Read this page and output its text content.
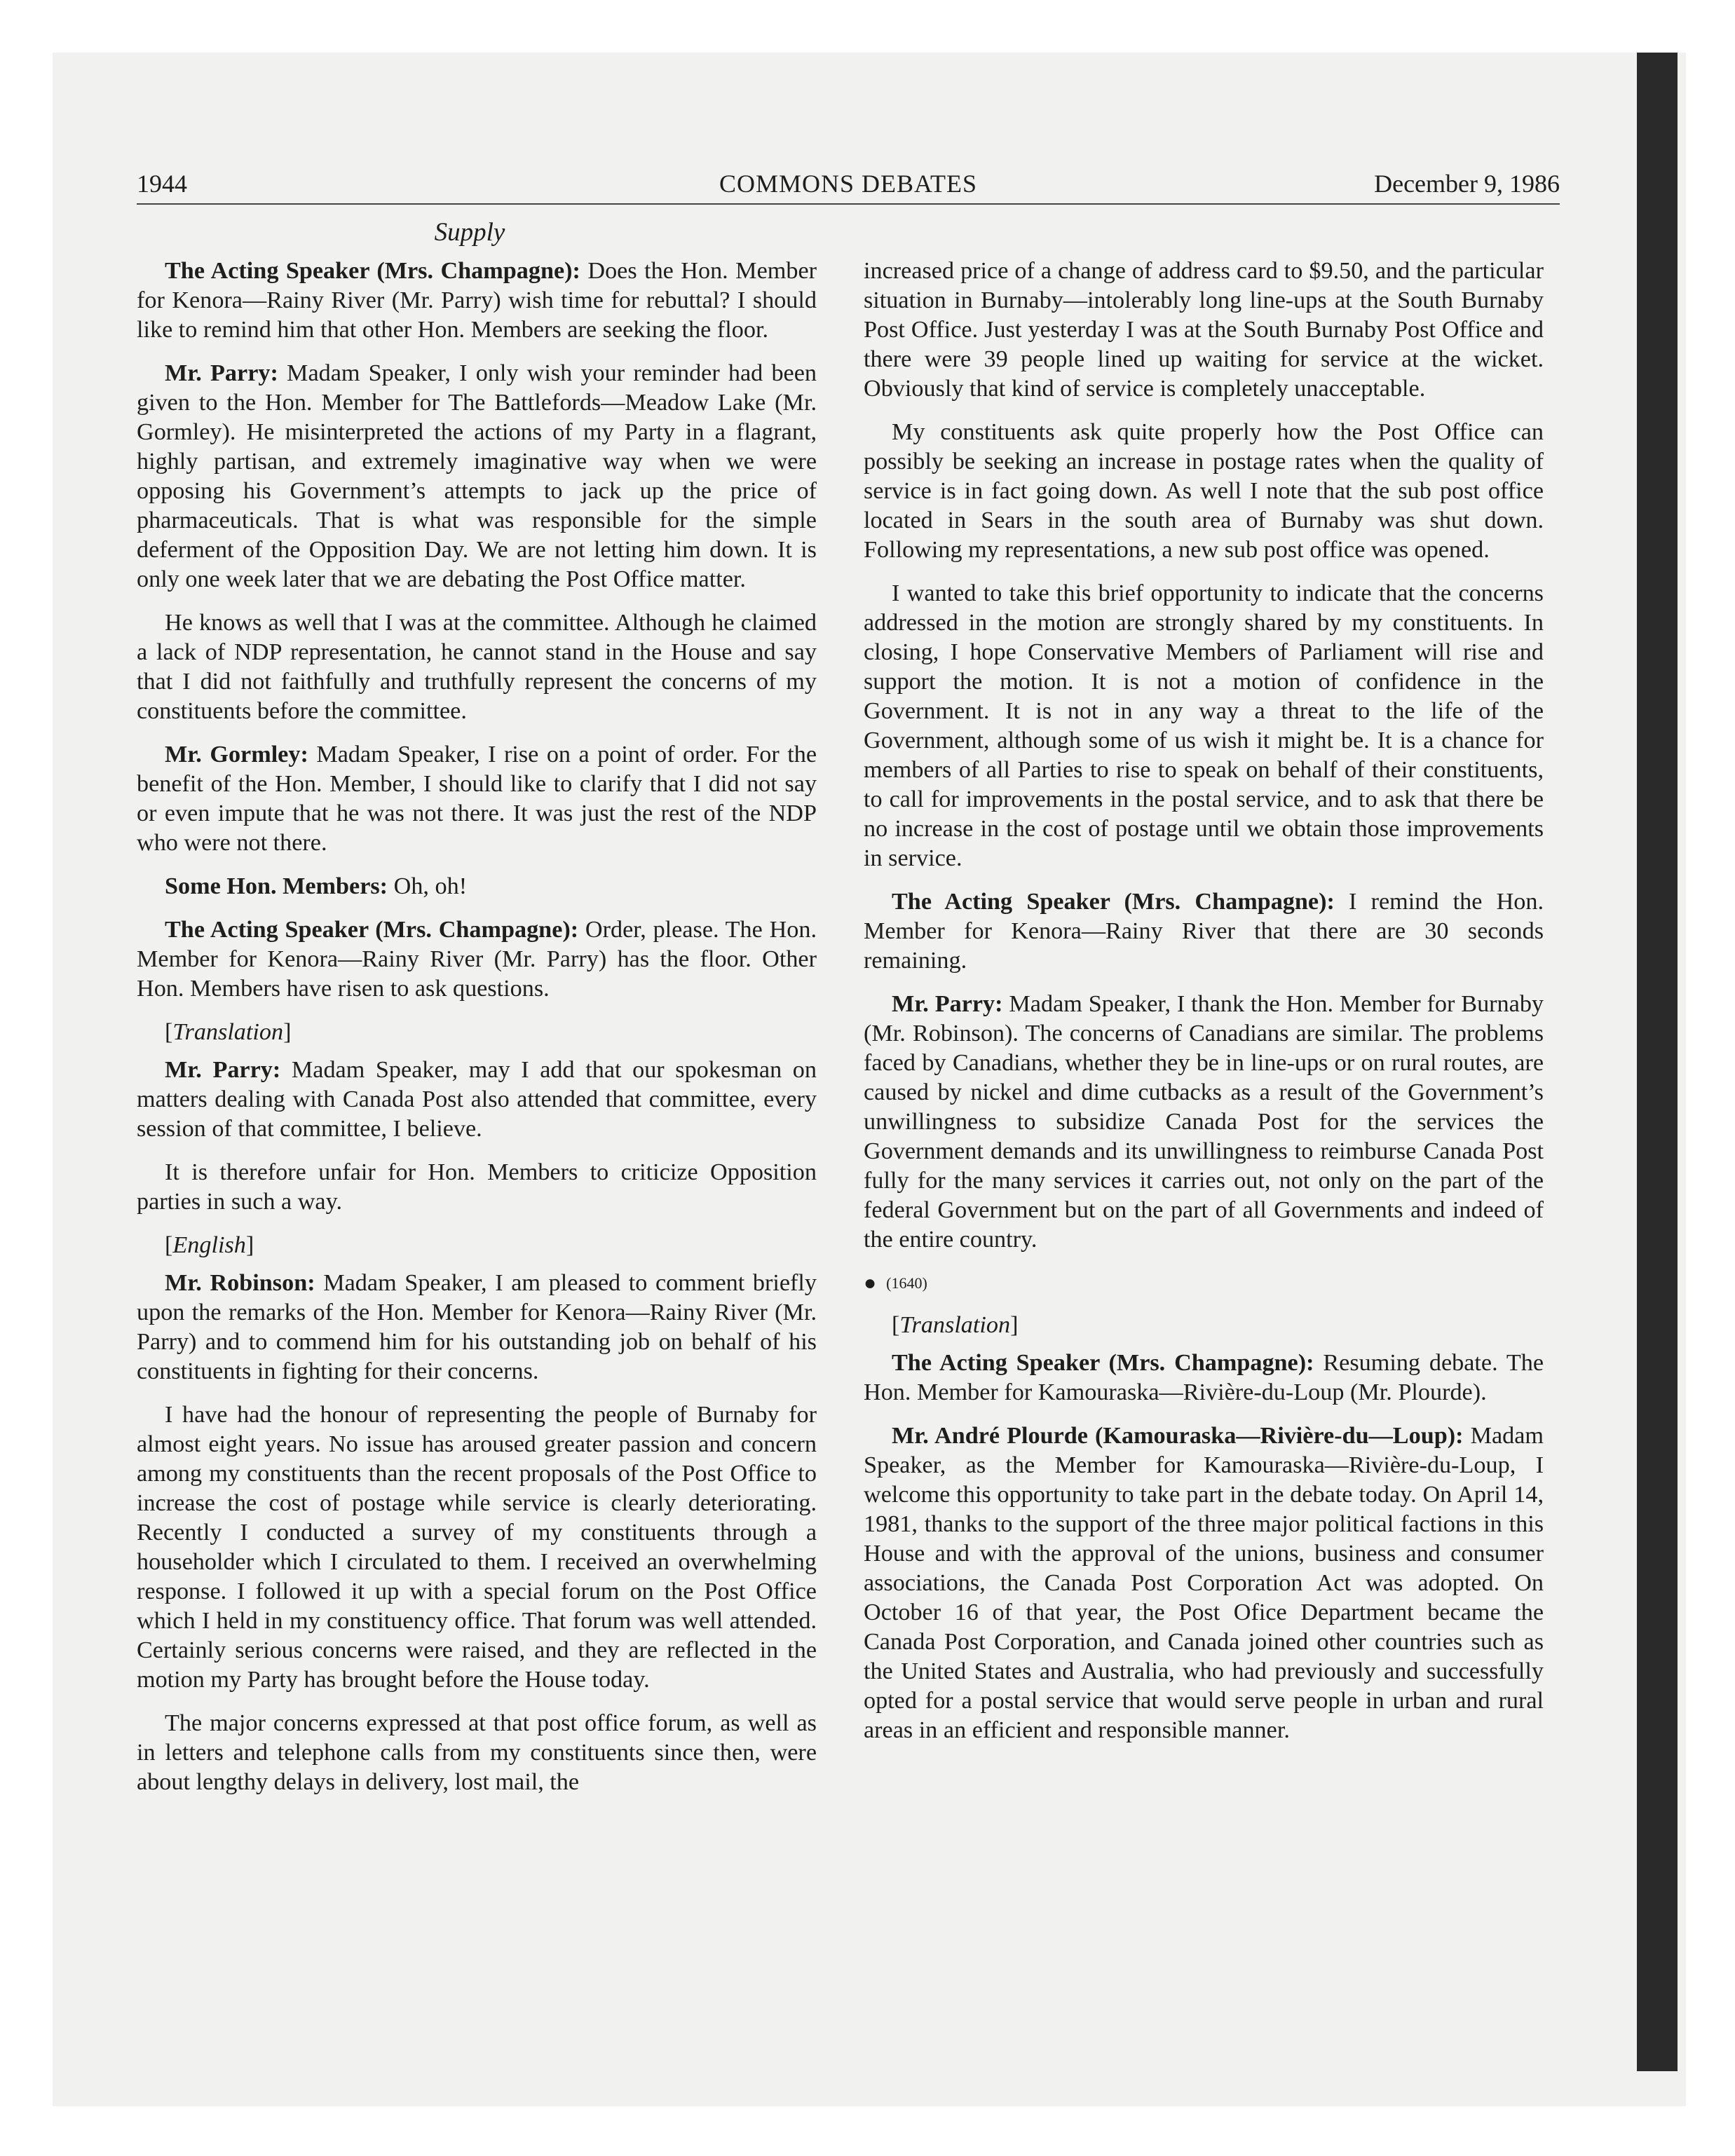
1944	COMMONS DEBATES	December 9, 1986
Supply

The Acting Speaker (Mrs. Champagne): Does the Hon. Member for Kenora—Rainy River (Mr. Parry) wish time for rebuttal? I should like to remind him that other Hon. Members are seeking the floor.

Mr. Parry: Madam Speaker, I only wish your reminder had been given to the Hon. Member for The Battlefords—Meadow Lake (Mr. Gormley). He misinterpreted the actions of my Party in a flagrant, highly partisan, and extremely imaginative way when we were opposing his Government’s attempts to jack up the price of pharmaceuticals. That is what was responsible for the simple deferment of the Opposition Day. We are not letting him down. It is only one week later that we are debating the Post Office matter.

He knows as well that I was at the committee. Although he claimed a lack of NDP representation, he cannot stand in the House and say that I did not faithfully and truthfully represent the concerns of my constituents before the committee.

Mr. Gormley: Madam Speaker, I rise on a point of order. For the benefit of the Hon. Member, I should like to clarify that I did not say or even impute that he was not there. It was just the rest of the NDP who were not there.

Some Hon. Members: Oh, oh!

The Acting Speaker (Mrs. Champagne): Order, please. The Hon. Member for Kenora—Rainy River (Mr. Parry) has the floor. Other Hon. Members have risen to ask questions.

[Translation]

Mr. Parry: Madam Speaker, may I add that our spokesman on matters dealing with Canada Post also attended that committee, every session of that committee, I believe.

It is therefore unfair for Hon. Members to criticize Opposition parties in such a way.

[English]

Mr. Robinson: Madam Speaker, I am pleased to comment briefly upon the remarks of the Hon. Member for Kenora—Rainy River (Mr. Parry) and to commend him for his outstanding job on behalf of his constituents in fighting for their concerns.

I have had the honour of representing the people of Burnaby for almost eight years. No issue has aroused greater passion and concern among my constituents than the recent proposals of the Post Office to increase the cost of postage while service is clearly deteriorating. Recently I conducted a survey of my constituents through a householder which I circulated to them. I received an overwhelming response. I followed it up with a special forum on the Post Office which I held in my constituency office. That forum was well attended. Certainly serious concerns were raised, and they are reflected in the motion my Party has brought before the House today.

The major concerns expressed at that post office forum, as well as in letters and telephone calls from my constituents since then, were about lengthy delays in delivery, lost mail, the

increased price of a change of address card to $9.50, and the particular situation in Burnaby—intolerably long line-ups at the South Burnaby Post Office. Just yesterday I was at the South Burnaby Post Office and there were 39 people lined up waiting for service at the wicket. Obviously that kind of service is completely unacceptable.

My constituents ask quite properly how the Post Office can possibly be seeking an increase in postage rates when the quality of service is in fact going down. As well I note that the sub post office located in Sears in the south area of Burnaby was shut down. Following my representations, a new sub post office was opened.

I wanted to take this brief opportunity to indicate that the concerns addressed in the motion are strongly shared by my constituents. In closing, I hope Conservative Members of Parliament will rise and support the motion. It is not a motion of confidence in the Government. It is not in any way a threat to the life of the Government, although some of us wish it might be. It is a chance for members of all Parties to rise to speak on behalf of their constituents, to call for improvements in the postal service, and to ask that there be no increase in the cost of postage until we obtain those improvements in service.

The Acting Speaker (Mrs. Champagne): I remind the Hon. Member for Kenora—Rainy River that there are 30 seconds remaining.

Mr. Parry: Madam Speaker, I thank the Hon. Member for Burnaby (Mr. Robinson). The concerns of Canadians are similar. The problems faced by Canadians, whether they be in line-ups or on rural routes, are caused by nickel and dime cutbacks as a result of the Government’s unwillingness to subsidize Canada Post for the services the Government demands and its unwillingness to reimburse Canada Post fully for the many services it carries out, not only on the part of the federal Government but on the part of all Governments and indeed of the entire country.

● (1640)

[Translation]

The Acting Speaker (Mrs. Champagne): Resuming debate. The Hon. Member for Kamouraska—Rivière-du-Loup (Mr. Plourde).

Mr. André Plourde (Kamouraska—Rivière-du—Loup): Madam Speaker, as the Member for Kamouraska—Rivière-du-Loup, I welcome this opportunity to take part in the debate today. On April 14, 1981, thanks to the support of the three major political factions in this House and with the approval of the unions, business and consumer associations, the Canada Post Corporation Act was adopted. On October 16 of that year, the Post Ofice Department became the Canada Post Corporation, and Canada joined other countries such as the United States and Australia, who had previously and successfully opted for a postal service that would serve people in urban and rural areas in an efficient and responsible manner.
